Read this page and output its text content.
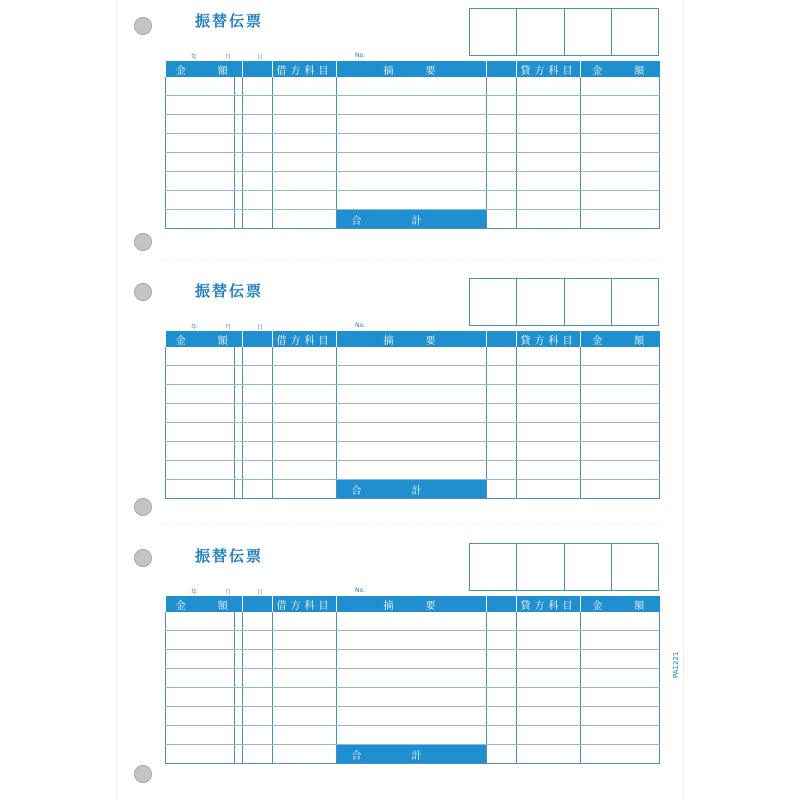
振替伝票
年	月	日	No.
金　　額			借方科目	摘　　要		貸方科目	金　　額

				合計			
振替伝票
年	月	日	No.
金　　額			借方科目	摘　　要		貸方科目	金　　額

				合計			
振替伝票
年	月	日	No.
金　　額			借方科目	摘　　要		貸方科目	金　　額

				合計			
PA1221
